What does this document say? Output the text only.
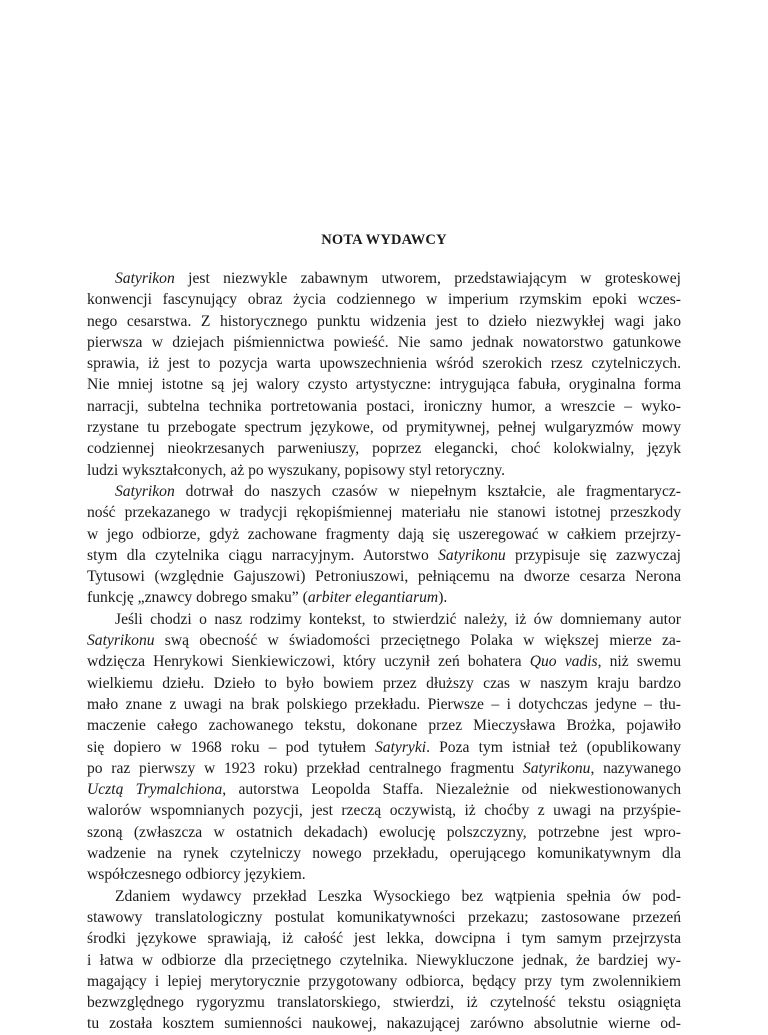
NOTA WYDAWCY
Satyrikon jest niezwykle zabawnym utworem, przedstawiającym w groteskowej
konwencji fascynujący obraz życia codziennego w imperium rzymskim epoki wczes-
nego cesarstwa. Z historycznego punktu widzenia jest to dzieło niezwykłej wagi jako
pierwsza w dziejach piśmiennictwa powieść. Nie samo jednak nowatorstwo gatunkowe
sprawia, iż jest to pozycja warta upowszechnienia wśród szerokich rzesz czytelniczych.
Nie mniej istotne są jej walory czysto artystyczne: intrygująca fabuła, oryginalna forma
narracji, subtelna technika portretowania postaci, ironiczny humor, a wreszcie – wyko-
rzystane tu przebogate spectrum językowe, od prymitywnej, pełnej wulgaryzmów mowy
codziennej nieokrzesanych parweniuszy, poprzez elegancki, choć kolokwialny, język
ludzi wykształconych, aż po wyszukany, popisowy styl retoryczny.
Satyrikon dotrwał do naszych czasów w niepełnym kształcie, ale fragmentarycz-
ność przekazanego w tradycji rękopiśmiennej materiału nie stanowi istotnej przeszkody
w jego odbiorze, gdyż zachowane fragmenty dają się uszeregować w całkiem przejrzy-
stym dla czytelnika ciągu narracyjnym. Autorstwo Satyrikonu przypisuje się zazwyczaj
Tytusowi (względnie Gajuszowi) Petroniuszowi, pełniącemu na dworze cesarza Nerona
funkcję „znawcy dobrego smaku” (arbiter elegantiarum).
Jeśli chodzi o nasz rodzimy kontekst, to stwierdzić należy, iż ów domniemany autor
Satyrikonu swą obecność w świadomości przeciętnego Polaka w większej mierze za-
wdzięcza Henrykowi Sienkiewiczowi, który uczynił zeń bohatera Quo vadis, niż swemu
wielkiemu dziełu. Dzieło to było bowiem przez dłuższy czas w naszym kraju bardzo
mało znane z uwagi na brak polskiego przekładu. Pierwsze – i dotychczas jedyne – tłu-
maczenie całego zachowanego tekstu, dokonane przez Mieczysława Brożka, pojawiło
się dopiero w 1968 roku – pod tytułem Satyryki. Poza tym istniał też (opublikowany
po raz pierwszy w 1923 roku) przekład centralnego fragmentu Satyrikonu, nazywanego
Ucztą Trymalchiona, autorstwa Leopolda Staffa. Niezależnie od niekwestionowanych
walorów wspomnianych pozycji, jest rzeczą oczywistą, iż choćby z uwagi na przyśpie-
szoną (zwłaszcza w ostatnich dekadach) ewolucję polszczyzny, potrzebne jest wpro-
wadzenie na rynek czytelniczy nowego przekładu, operującego komunikatywnym dla
współczesnego odbiorcy językiem.
Zdaniem wydawcy przekład Leszka Wysockiego bez wątpienia spełnia ów pod-
stawowy translatologiczny postulat komunikatywności przekazu; zastosowane przezeń
środki językowe sprawiają, iż całość jest lekka, dowcipna i tym samym przejrzysta
i łatwa w odbiorze dla przeciętnego czytelnika. Niewykluczone jednak, że bardziej wy-
magający i lepiej merytorycznie przygotowany odbiorca, będący przy tym zwolennikiem
bezwzględnego rygoryzmu translatorskiego, stwierdzi, iż czytelność tekstu osiągnięta
tu została kosztem sumienności naukowej, nakazującej zarówno absolutnie wierne od-
